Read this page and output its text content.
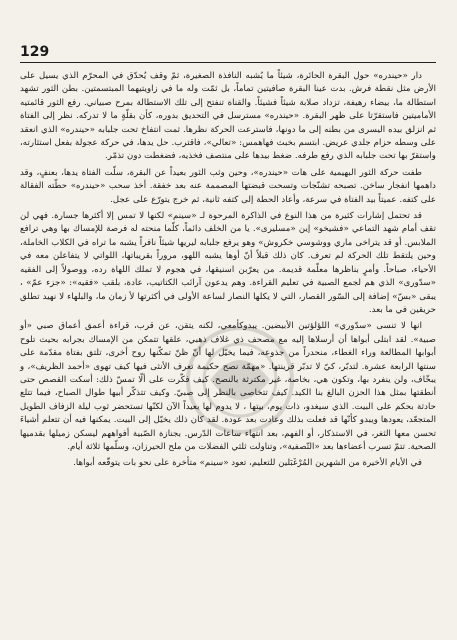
129

دار «حيندره» حول البقرة الحائرة، شيئاً ما يُشبه النافذة الصغيرة، ثمّ وقف يُحدّق في المحرّم الذي يسيل على الأرض مثل نقطة فرش. بدت عينا البقرة صافيتين تماماً، بل ثمّت وله ما في زاويتيهما المبتسمتين. بطن الثور تشهد استطالة ما، بيضاء رهيفة، تزداد صلابة شيئاً فشيئاً. والقناة تنفتح إلى تلك الاستطالة بمرح صبياني. رفع الثور قائمتيه الأماميتين فاستقرّتا على ظهر البقرة. «حيندره» مسترسل في التحديق بدوره، كأن بقلّةٍ ما لا تدركه. نظر إلى الفتاة ثم انزلق بيده اليسرى من بطنه إلى ما دونها، فاسترعت الحركة نظرها. ثمت انتفاخ تحت جلبابه «حيندره» الذي انعقد على وسطه حزام جلدي عريض. ابتسم بخبث فهاهمس: «تعالي»، فاقترب. حل يدها، في حركة عجولة بفعل استثارته، واستقرّ بها تحت جلبابه الذي رفع طرفه. ضغط بيدها على منتصف فخذيه، فضغطت دون تذمّر.

طفت حركة الثور البهيمية على هات «حيندره»، وحين وثب الثور بعيداً عن البقرة، سلّت الفتاة يدها، بعنفٍ، وقد داهمها انفجار ساخن. تصبحه تشنّجات وتسحت قبضتها المصممة عنه بعد خفقة. أخذ سحب «حيندره» حطّته الفقالة على كتفه. عميتاً بيد الفتاة في سرعة، وأعاد الحطة إلى كتفه ثانية، ثم خرج يتورّع على عجل.

قد تحتمل إشارات كثيرة من هذا النوع في الذاكرة المرحوة لـ «سينم» لكنها لا تمس إلا أكثرها جسارة. فهي لن تقف أمام شهد التماعي «فشيخو» إين «مسليرى». يا من الخلف دائماً، كلّما منحته له فرصة للإمساك بها وهي ترافع الملابس. أو قد يتراخى ماري ووشوسي خكروش» وهو يرفع جلبابه ليريها شيئاً نافراً يشبه ما تراه في الكلاب الخاملة، وحين يلتقط تلك الحركة لم تعرف. كان ذلك قبلاً أنّ أوها يشبه اللهو، مروراً بقريباتها، اللواتي لا يتفاعلن معه في الأحياء، صباحاً. وأمرٍ بناظرها معلّمة قديمة. من يعرّبن اسنيقها، في هجوم لا تملك اللهاة رده، ووصولاً إلى الفقيه «سدّورى» الذي هم لجمع الصبية في تعليم القراءة. وهم يدعون آرائب الكتاتيب، عادة، بلقب «فقيه»: «جزء عمّ» ، يبقى «بسّ» إضافة إلى السّور القصار، التي لا يكلها النصار لساعة الأولى في أكثرتها لأ زمان ما، والبلهاء لا نهيد تطلق حريقين في ما بعد.

انها لا تنسى «سدّوري» اللؤلؤتين الأبيضين. يبدوكأمعي، لكنه يتقن، عن قرب، قراءة أعمق أعماق صبي «أو صبية». لقد ابتلى أبواها أن أرسلاها إليه مع مصحف ذي غلاف ذهبي، علقها تتمكن من الإمساك بجرابه بحيث تلوح أبوابها المطالعة وراء الغطاء، منحدراً من جذوعه، فيما يخيّل لها أنّ ظنّ تمكّنها روح أخرى، تلتق بفتاة مقدّمة على سنتها الرابعة عشرة. لتدبّر، كيّ لا تدبّر قرينتها. «مهمّة نصح حكيمة تعرف الأنثى فيها كيف تهوى «أحمد الظريف»، و يبخّاف، ولن ينفرد بها، وتكون هي، بخاصة، غير مكترثة بالنصح. كيف فكّرت على ألّا تمسّ ذلك: أسكت القصص حتى أنطقتها بمثل هذا الحزن البالغ بنا الكيد. كيف تتخاصى بالنظر إلى صبيّ. وكيف تتذكّر أبيها طوال الصباح، فيما تتلع حادثة بحكم على البيت. الذي سيغدو، ذات يوم، بيتها ، لا يدوم لها بعيداً الآن لكنّها تستحضر ثوب ليلة الزفاف الطويل المتجعّد، يعودها ويبدو كأنّها قد فعلت بذلك وعادت بعد عودة. لقد كان ذلك يخيّل إلى البيت. يمكنها فيه أن تتعلم أشياءَ تحسن معها الثغر، في الاستذكار، أو الفهم، بعد انتهاء ساعات الدّرس. بجنازة الصّبية أفواههم ليسكن زميلها بقدميها الصحية. تتمّ تسرب أعضاءها بعد «التّصفية»، وتناولت ثلثي الفضلات من ملح الحيرزان، وسلّمها ثلاثة أيام.

في الأيام الأخيرة من الشهرين المُرْغَبَلين للتعليم، تعود «سينم» متأخرة على نحو بات يتوقّعه أبواها.
